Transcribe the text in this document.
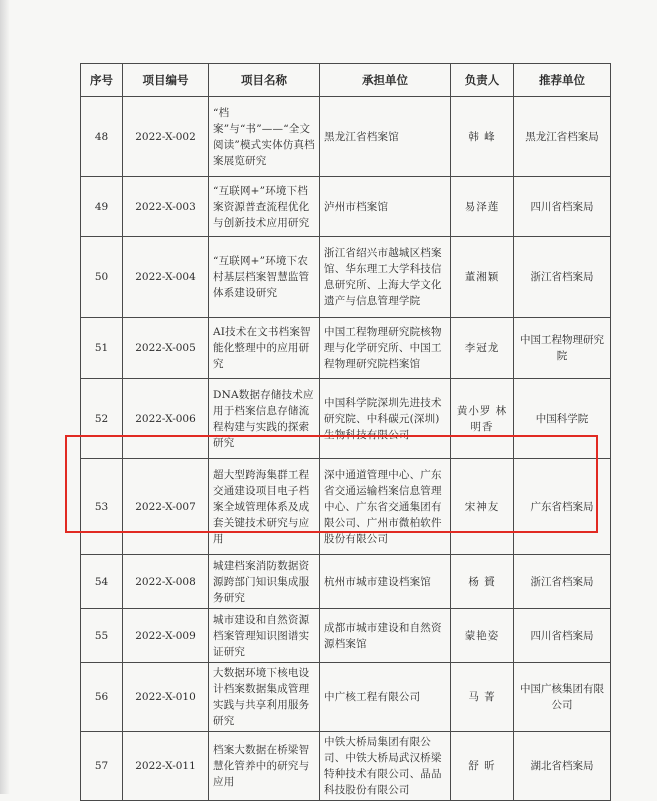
序号	项目编号	项目名称	承担单位	负责人	推荐单位
48	2022-X-002	“档案”与“书”——“全文阅读”模式实体仿真档案展览研究	黑龙江省档案馆	韩 峰	黑龙江省档案局
49	2022-X-003	“互联网+”环境下档案资源普查流程优化与创新技术应用研究	泸州市档案馆	易泽莲	四川省档案局
50	2022-X-004	“互联网+”环境下农村基层档案智慧监管体系建设研究	浙江省绍兴市越城区档案馆、华东理工大学科技信息研究所、上海大学文化遗产与信息管理学院	董湘颖	浙江省档案局
51	2022-X-005	AI技术在文书档案智能化整理中的应用研究	中国工程物理研究院核物理与化学研究所、中国工程物理研究院档案馆	李冠龙	中国工程物理研究院
52	2022-X-006	DNA数据存储技术应用于档案信息存储流程构建与实践的探索研究	中国科学院深圳先进技术研究院、中科碳元(深圳)生物科技有限公司	黄小罗 林明香	中国科学院
53	2022-X-007	超大型跨海集群工程交通建设项目电子档案全域管理体系及成套关键技术研究与应用	深中通道管理中心、广东省交通运输档案信息管理中心、广东省交通集团有限公司、广州市微柏软件股份有限公司	宋神友	广东省档案局
54	2022-X-008	城建档案消防数据资源跨部门知识集成服务研究	杭州市城市建设档案馆	杨 贇	浙江省档案局
55	2022-X-009	城市建设和自然资源档案管理知识图谱实证研究	成都市城市建设和自然资源档案馆	蒙艳姿	四川省档案局
56	2022-X-010	大数据环境下核电设计档案数据集成管理实践与共享利用服务研究	中广核工程有限公司	马 菁	中国广核集团有限公司
57	2022-X-011	档案大数据在桥梁智慧化管养中的研究与应用	中铁大桥局集团有限公司、中铁大桥局武汉桥梁特种技术有限公司、晶品科技股份有限公司	舒 昕	湖北省档案局
